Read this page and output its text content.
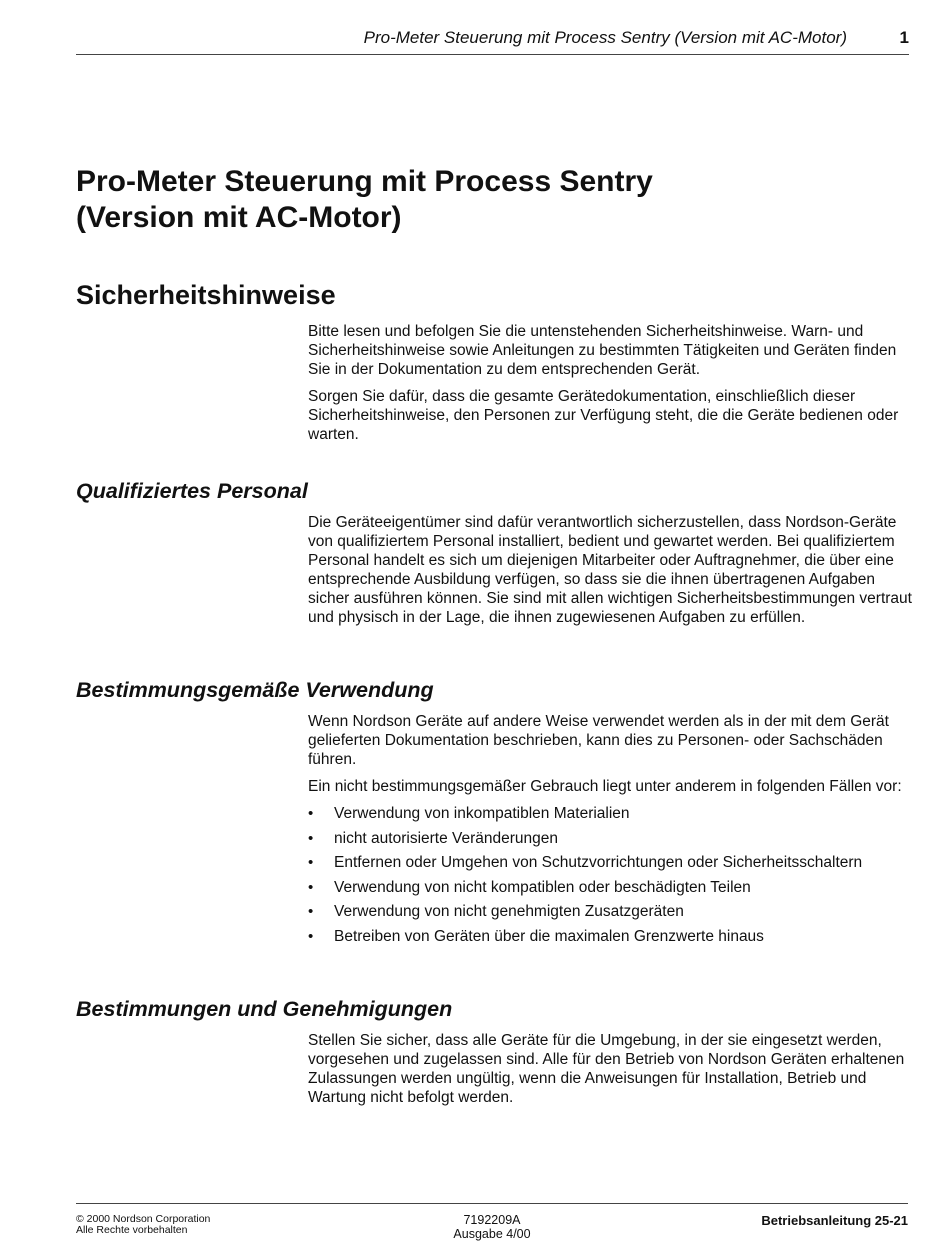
Pro-Meter Steuerung mit Process Sentry (Version mit AC-Motor)	1
Pro-Meter Steuerung mit Process Sentry
(Version mit AC-Motor)
Sicherheitshinweise

Bitte lesen und befolgen Sie die untenstehenden Sicherheitshinweise. Warn- und Sicherheitshinweise sowie Anleitungen zu bestimmten Tätigkeiten und Geräten finden Sie in der Dokumentation zu dem entsprechenden Gerät.

Sorgen Sie dafür, dass die gesamte Gerätedokumentation, einschließlich dieser Sicherheitshinweise, den Personen zur Verfügung steht, die die Geräte bedienen oder warten.

Qualifiziertes Personal

Die Geräteeigentümer sind dafür verantwortlich sicherzustellen, dass Nordson-Geräte von qualifiziertem Personal installiert, bedient und gewartet werden. Bei qualifiziertem Personal handelt es sich um diejenigen Mitarbeiter oder Auftragnehmer, die über eine entsprechende Ausbildung verfügen, so dass sie die ihnen übertragenen Aufgaben sicher ausführen können. Sie sind mit allen wichtigen Sicherheitsbestimmungen vertraut und physisch in der Lage, die ihnen zugewiesenen Aufgaben zu erfüllen.

Bestimmungsgemäße Verwendung

Wenn Nordson Geräte auf andere Weise verwendet werden als in der mit dem Gerät gelieferten Dokumentation beschrieben, kann dies zu Personen- oder Sachschäden führen.

Ein nicht bestimmungsgemäßer Gebrauch liegt unter anderem in folgenden Fällen vor:

• Verwendung von inkompatiblen Materialien
• nicht autorisierte Veränderungen
• Entfernen oder Umgehen von Schutzvorrichtungen oder Sicherheitsschaltern
• Verwendung von nicht kompatiblen oder beschädigten Teilen
• Verwendung von nicht genehmigten Zusatzgeräten
• Betreiben von Geräten über die maximalen Grenzwerte hinaus
Bestimmungen und Genehmigungen

Stellen Sie sicher, dass alle Geräte für die Umgebung, in der sie eingesetzt werden, vorgesehen und zugelassen sind. Alle für den Betrieb von Nordson Geräten erhaltenen Zulassungen werden ungültig, wenn die Anweisungen für Installation, Betrieb und Wartung nicht befolgt werden.

© 2000 Nordson Corporation
Alle Rechte vorbehalten
7192209A
Ausgabe 4/00
Betriebsanleitung 25-21
